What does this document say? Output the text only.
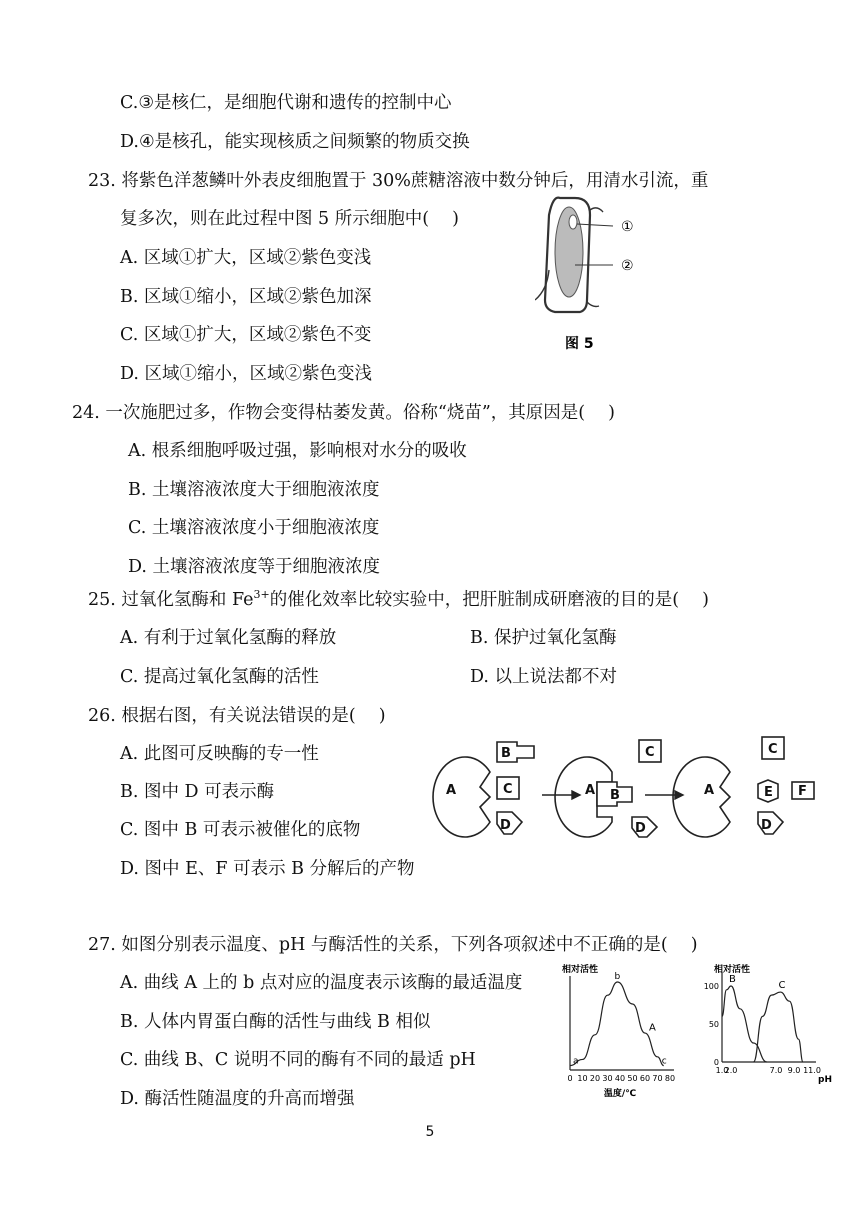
C.③是核仁，是细胞代谢和遗传的控制中心
D.④是核孔，能实现核质之间频繁的物质交换
23. 将紫色洋葱鳞叶外表皮细胞置于 30%蔗糖溶液中数分钟后，用清水引流，重
复多次，则在此过程中图 5 所示细胞中(　 )
A. 区域①扩大，区域②紫色变浅
B. 区域①缩小，区域②紫色加深
C. 区域①扩大，区域②紫色不变
D. 区域①缩小，区域②紫色变浅
①
②
图 5
24. 一次施肥过多，作物会变得枯萎发黄。俗称“烧苗”，其原因是(　 )
A. 根系细胞呼吸过强，影响根对水分的吸收
B. 土壤溶液浓度大于细胞液浓度
C. 土壤溶液浓度小于细胞液浓度
D. 土壤溶液浓度等于细胞液浓度
25. 过氧化氢酶和 $Fe^{3+}$的催化效率比较实验中，把肝脏制成研磨液的目的是(　 )
A. 有利于过氧化氢酶的释放	B. 保护过氧化氢酶
C. 提高过氧化氢酶的活性	D. 以上说法都不对
26. 根据右图，有关说法错误的是(　 )
A. 此图可反映酶的专一性
B. 图中 D 可表示酶
C. 图中 B 可表示被催化的底物
D. 图中 E、F 可表示 B 分解后的产物
A
B
C
D
A B
C
D
A
C
E F
D
27. 如图分别表示温度、pH 与酶活性的关系，下列各项叙述中不正确的是(　 )
A. 曲线 A 上的 b 点对应的温度表示该酶的最适温度
B. 人体内胃蛋白酶的活性与曲线 B 相似
C. 曲线 B、C 说明不同的酶有不同的最适 pH
D. 酶活性随温度的升高而增强
相对活性
0 10 20 30 40 50 60 70 80
温度/℃
A
a
b
c
相对活性
0
50
100
1.0
2.0	7.0 9.0 11.0
pH
B
C
5
